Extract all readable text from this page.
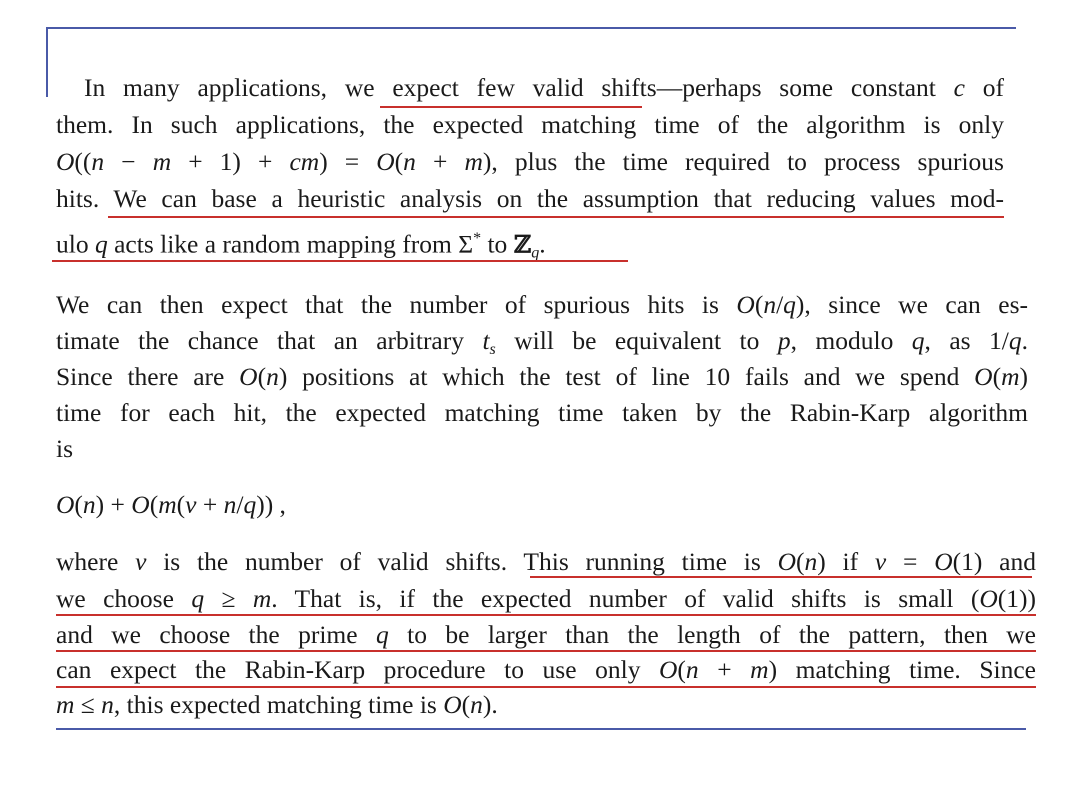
In many applications, we expect few valid shifts—perhaps some constant c of
them. In such applications, the expected matching time of the algorithm is only
O((n − m + 1) + cm) = O(n + m), plus the time required to process spurious
hits. We can base a heuristic analysis on the assumption that reducing values mod-
ulo q acts like a random mapping from Σ* to ℤ$_q$.
We can then expect that the number of spurious hits is O(n/q), since we can es-
timate the chance that an arbitrary $t_s$ will be equivalent to p, modulo q, as 1/q.
Since there are O(n) positions at which the test of line 10 fails and we spend O(m)
time for each hit, the expected matching time taken by the Rabin-Karp algorithm
is
O(n) + O(m(ν + n/q)) ,
where ν is the number of valid shifts. This running time is O(n) if ν = O(1) and
we choose q ≥ m. That is, if the expected number of valid shifts is small (O(1))
and we choose the prime q to be larger than the length of the pattern, then we
can expect the Rabin-Karp procedure to use only O(n + m) matching time. Since
m ≤ n, this expected matching time is O(n).
